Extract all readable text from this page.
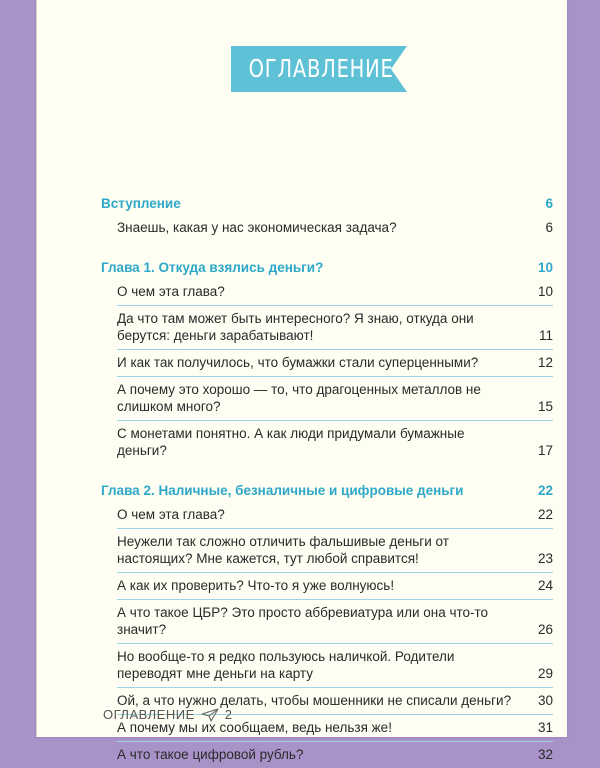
ОГЛАВЛЕНИЕ
Вступление	6
Знаешь, какая у нас экономическая задача?	6
Глава 1. Откуда взялись деньги?	10
О чем эта глава?	10
Да что там может быть интересного? Я знаю, откуда они берутся: деньги зарабатывают!	11
И как так получилось, что бумажки стали суперценными?	12
А почему это хорошо — то, что драгоценных металлов не слишком много?	15
С монетами понятно. А как люди придумали бумажные деньги?	17
Глава 2. Наличные, безналичные и цифровые деньги	22
О чем эта глава?	22
Неужели так сложно отличить фальшивые деньги от настоящих? Мне кажется, тут любой справится!	23
А как их проверить? Что-то я уже волнуюсь!	24
А что такое ЦБР? Это просто аббревиатура или она что-то значит?	26
Но вообще-то я редко пользуюсь наличкой. Родители переводят мне деньги на карту	29
Ой, а что нужно делать, чтобы мошенники не списали деньги? 30
А почему мы их сообщаем, ведь нельзя же!	31
А что такое цифровой рубль?	32
ОГЛАВЛЕНИЕ 2
